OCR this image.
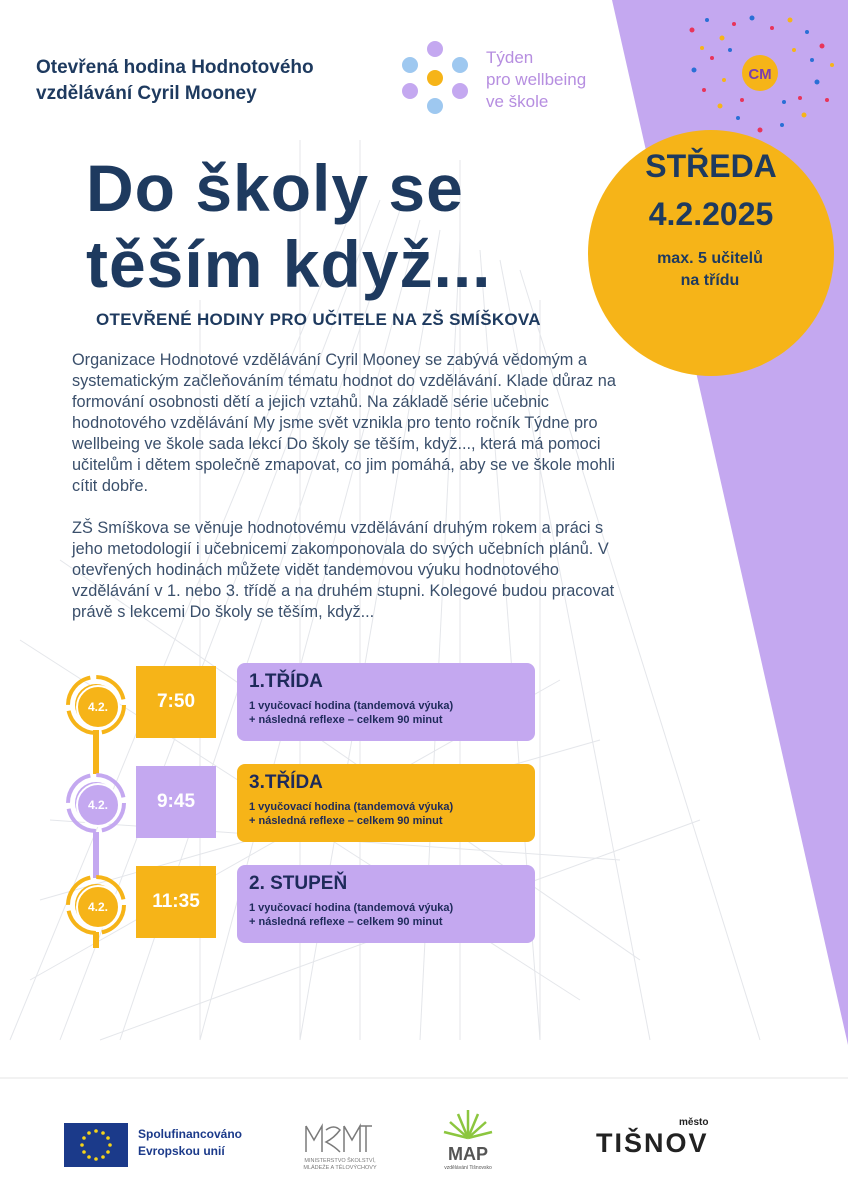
Otevřená hodina Hodnotového
vzdělávání Cyril Mooney
Týden
pro wellbeing
ve škole
CM
Do školy se
těším když...
OTEVŘENÉ HODINY PRO UČITELE NA ZŠ SMÍŠKOVA
STŘEDA
4.2.2025
max. 5 učitelů
na třídu
Organizace Hodnotové vzdělávání Cyril Mooney se zabývá vědomým a
systematickým začleňováním tématu hodnot do vzdělávání. Klade důraz na
formování osobnosti dětí a jejich vztahů. Na základě série učebnic
hodnotového vzdělávání My jsme svět vznikla pro tento ročník Týdne pro
wellbeing ve škole sada lekcí Do školy se těším, když..., která má pomoci
učitelům i dětem společně zmapovat, co jim pomáhá, aby se ve škole mohli
cítit dobře.
ZŠ Smíškova se věnuje hodnotovému vzdělávání druhým rokem a práci s
jeho metodologií i učebnicemi zakomponovala do svých učebních plánů. V
otevřených hodinách můžete vidět tandemovou výuku hodnotového
vzdělávání v 1. nebo 3. třídě a na druhém stupni. Kolegové budou pracovat
právě s lekcemi Do školy se těším, když...
4.2.	7:50
1.TŘÍDA
1 vyučovací hodina (tandemová výuka)
+ následná reflexe – celkem 90 minut
4.2.	9:45
3.TŘÍDA
1 vyučovací hodina (tandemová výuka)
+ následná reflexe – celkem 90 minut
4.2.	11:35
2. STUPEŇ
1 vyučovací hodina (tandemová výuka)
+ následná reflexe – celkem 90 minut
Spolufinancováno
Evropskou unií
MINISTERSTVO ŠKOLSTVÍ,
MLÁDEŽE A TĚLOVÝCHOVY
MAP
vzdělávání Tišnovsko
město
TIŠNOV
